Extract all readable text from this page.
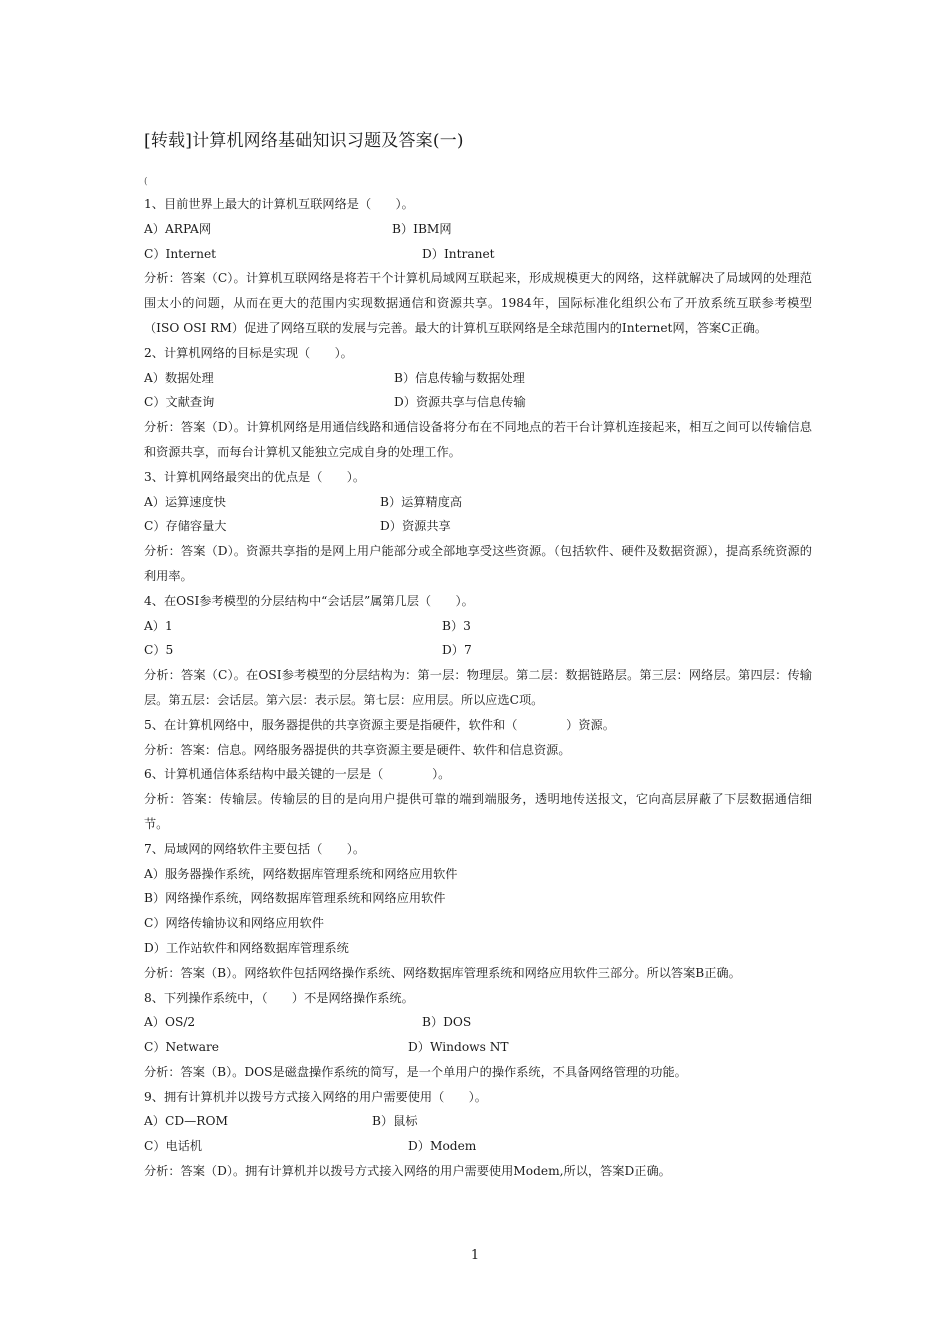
[转载]计算机网络基础知识习题及答案(一)
(
1、目前世界上最大的计算机互联网络是（　　）。
A）ARPA网	B）IBM网
C）Internet	D）Intranet
分析：答案（C）。计算机互联网络是将若干个计算机局域网互联起来，形成规模更大的网络，这样就解决了局域网的处理范围太小的问题，从而在更大的范围内实现数据通信和资源共享。1984年，国际标准化组织公布了开放系统互联参考模型（ISO OSI RM）促进了网络互联的发展与完善。最大的计算机互联网络是全球范围内的Internet网，答案C正确。
2、计算机网络的目标是实现（　　）。
A）数据处理	B）信息传输与数据处理
C）文献查询	D）资源共享与信息传输
分析：答案（D）。计算机网络是用通信线路和通信设备将分布在不同地点的若干台计算机连接起来，相互之间可以传输信息和资源共享，而每台计算机又能独立完成自身的处理工作。
3、计算机网络最突出的优点是（　　）。
A）运算速度快	B）运算精度高
C）存储容量大	D）资源共享
分析：答案（D）。资源共享指的是网上用户能部分或全部地享受这些资源。（包括软件、硬件及数据资源），提高系统资源的利用率。
4、在OSI参考模型的分层结构中“会话层”属第几层（　　）。
A）1	B）3
C）5	D）7
分析：答案（C）。在OSI参考模型的分层结构为：第一层：物理层。第二层：数据链路层。第三层：网络层。第四层：传输层。第五层：会话层。第六层：表示层。第七层：应用层。所以应选C项。
5、在计算机网络中，服务器提供的共享资源主要是指硬件，软件和（　　　　）资源。
分析：答案：信息。网络服务器提供的共享资源主要是硬件、软件和信息资源。
6、计算机通信体系结构中最关键的一层是（　　　　）。
分析：答案：传输层。传输层的目的是向用户提供可靠的端到端服务，透明地传送报文，它向高层屏蔽了下层数据通信细节。
7、局域网的网络软件主要包括（　　）。
A）服务器操作系统，网络数据库管理系统和网络应用软件
B）网络操作系统，网络数据库管理系统和网络应用软件
C）网络传输协议和网络应用软件
D）工作站软件和网络数据库管理系统
分析：答案（B）。网络软件包括网络操作系统、网络数据库管理系统和网络应用软件三部分。所以答案B正确。
8、下列操作系统中，（　　）不是网络操作系统。
A）OS/2	B）DOS
C）Netware	D）Windows NT
分析：答案（B）。DOS是磁盘操作系统的简写，是一个单用户的操作系统，不具备网络管理的功能。
9、拥有计算机并以拨号方式接入网络的用户需要使用（　　）。
A）CD—ROM	B）鼠标
C）电话机	D）Modem
分析：答案（D）。拥有计算机并以拨号方式接入网络的用户需要使用Modem,所以，答案D正确。
1
